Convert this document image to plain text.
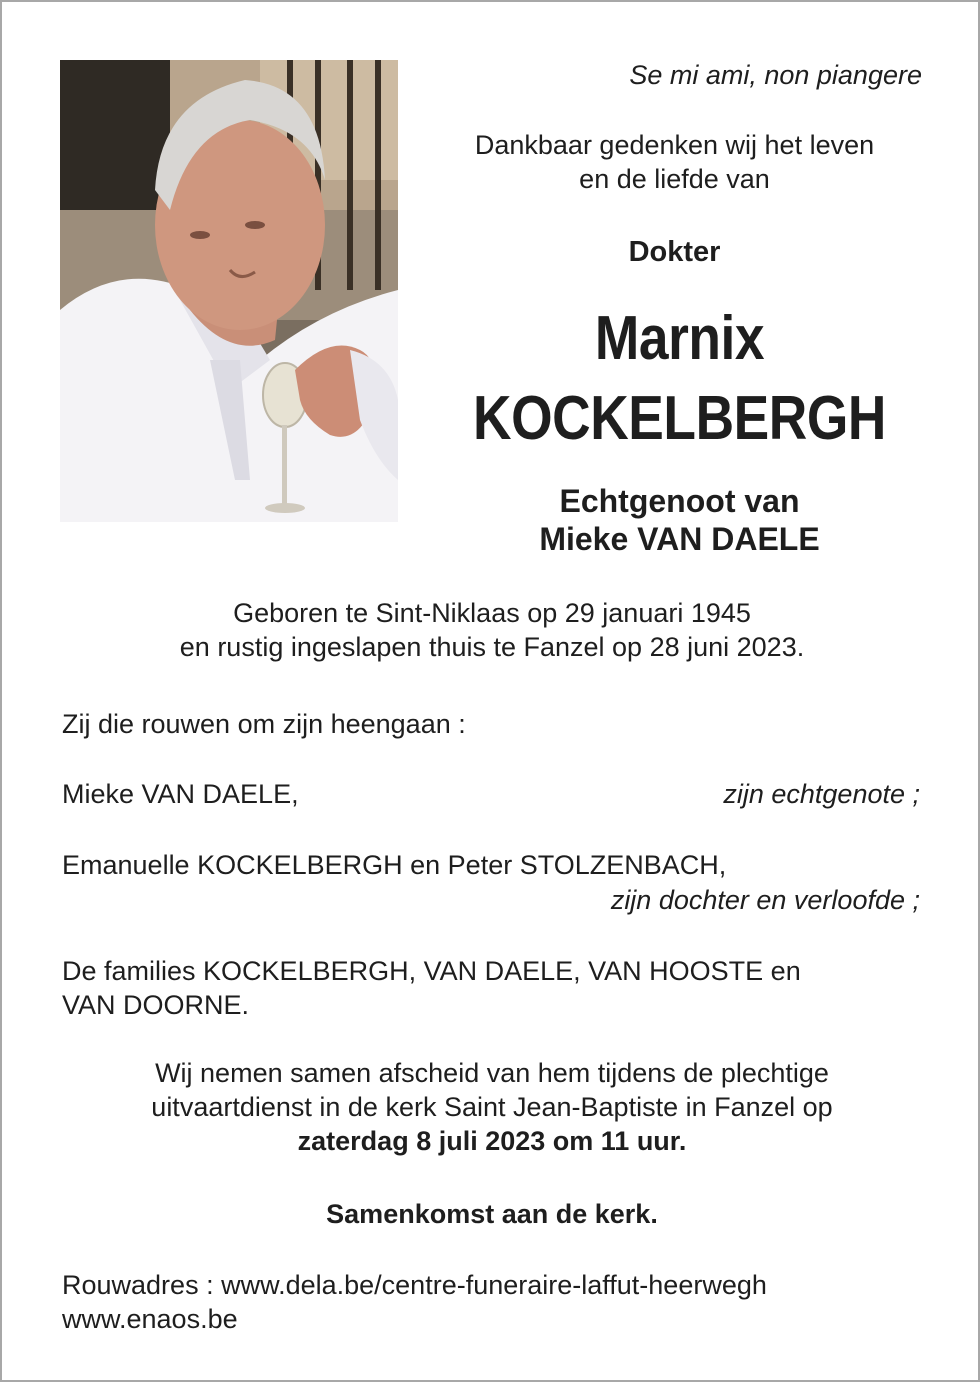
Se mi ami, non piangere
Dankbaar gedenken wij het leven
en de liefde van
Dokter
Marnix
KOCKELBERGH
Echtgenoot van
Mieke VAN DAELE
Geboren te Sint-Niklaas op 29 januari 1945
en rustig ingeslapen thuis te Fanzel op 28 juni 2023.
Zij die rouwen om zijn heengaan :
Mieke VAN DAELE,	zijn echtgenote ;
Emanuelle KOCKELBERGH en Peter STOLZENBACH,
zijn dochter en verloofde ;
De families KOCKELBERGH, VAN DAELE, VAN HOOSTE en
VAN DOORNE.
Wij nemen samen afscheid van hem tijdens de plechtige
uitvaartdienst in de kerk Saint Jean-Baptiste in Fanzel op
zaterdag 8 juli 2023 om 11 uur.
Samenkomst aan de kerk.
Rouwadres : www.dela.be/centre-funeraire-laffut-heerwegh
www.enaos.be
